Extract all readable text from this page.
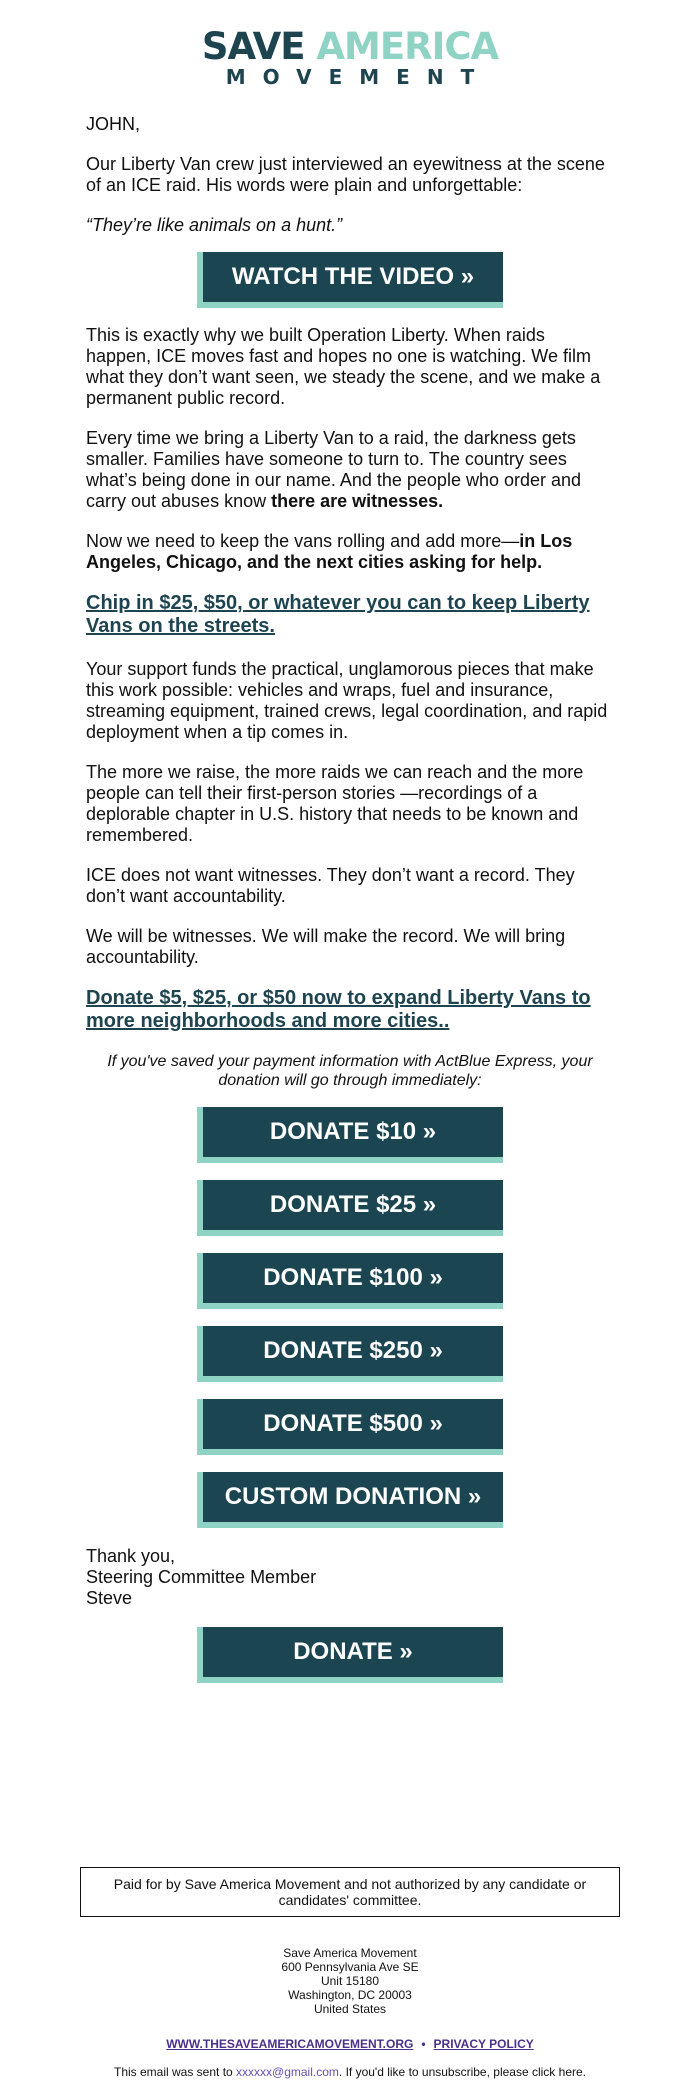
SAVE AMERICA
MOVEMENT

JOHN,

Our Liberty Van crew just interviewed an eyewitness at the scene of an ICE raid. His words were plain and unforgettable:

“They’re like animals on a hunt.”

WATCH THE VIDEO »

This is exactly why we built Operation Liberty. When raids happen, ICE moves fast and hopes no one is watching. We film what they don’t want seen, we steady the scene, and we make a permanent public record.

Every time we bring a Liberty Van to a raid, the darkness gets smaller. Families have someone to turn to. The country sees what’s being done in our name. And the people who order and carry out abuses know there are witnesses.

Now we need to keep the vans rolling and add more—in Los Angeles, Chicago, and the next cities asking for help.

Chip in $25, $50, or whatever you can to keep Liberty Vans on the streets.

Your support funds the practical, unglamorous pieces that make this work possible: vehicles and wraps, fuel and insurance, streaming equipment, trained crews, legal coordination, and rapid deployment when a tip comes in.

The more we raise, the more raids we can reach and the more people can tell their first-person stories —recordings of a deplorable chapter in U.S. history that needs to be known and remembered.

ICE does not want witnesses. They don’t want a record. They don’t want accountability.

We will be witnesses. We will make the record. We will bring accountability.

Donate $5, $25, or $50 now to expand Liberty Vans to more neighborhoods and more cities..

If you've saved your payment information with ActBlue Express, your donation will go through immediately:

DONATE $10 »
DONATE $25 »
DONATE $100 »
DONATE $250 »
DONATE $500 »
CUSTOM DONATION »
Thank you,
Steering Committee Member
Steve
DONATE »
Paid for by Save America Movement and not authorized by any candidate or candidates' committee.
Save America Movement
600 Pennsylvania Ave SE
Unit 15180
Washington, DC 20003
United States
WWW.THESAVEAMERICAMOVEMENT.ORG • PRIVACY POLICY
This email was sent to xxxxxx@gmail.com. If you'd like to unsubscribe, please click here.
